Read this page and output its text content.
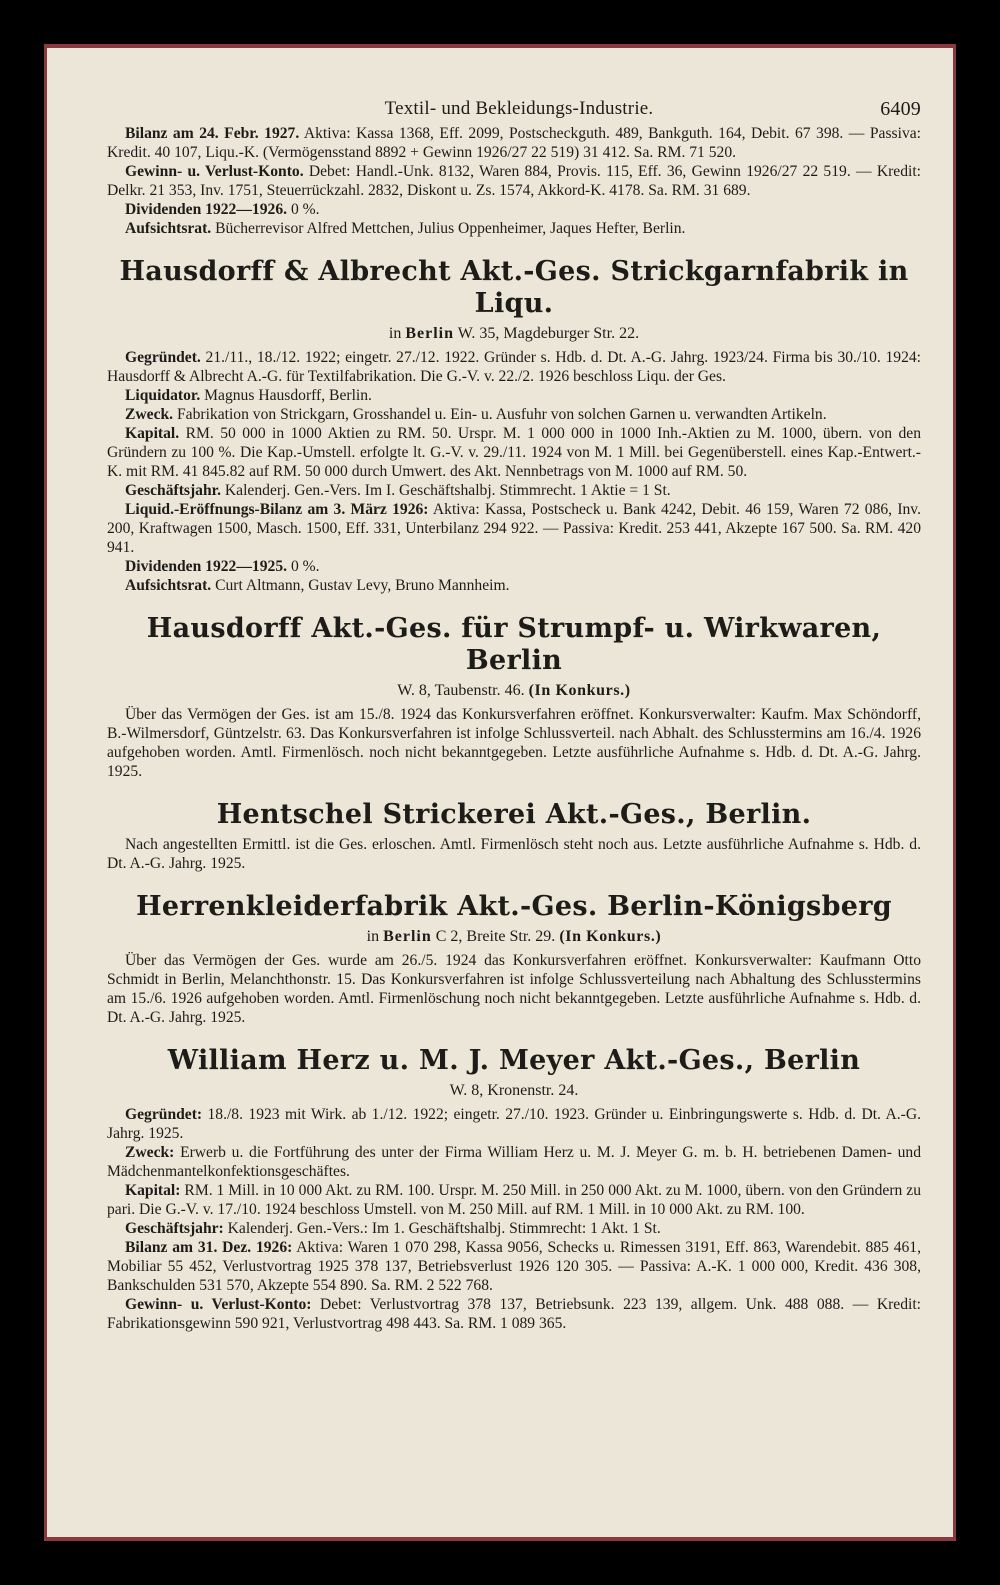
Textil- und Bekleidungs-Industrie.	6409

Bilanz am 24. Febr. 1927. Aktiva: Kassa 1368, Eff. 2099, Postscheckguth. 489, Bankguth. 164, Debit. 67 398. — Passiva: Kredit. 40 107, Liqu.-K. (Vermögensstand 8892 + Gewinn 1926/27 22 519) 31 412. Sa. RM. 71 520.

Gewinn- u. Verlust-Konto. Debet: Handl.-Unk. 8132, Waren 884, Provis. 115, Eff. 36, Gewinn 1926/27 22 519. — Kredit: Delkr. 21 353, Inv. 1751, Steuerrückzahl. 2832, Diskont u. Zs. 1574, Akkord-K. 4178. Sa. RM. 31 689.

Dividenden 1922—1926. 0 %.

Aufsichtsrat. Bücherrevisor Alfred Mettchen, Julius Oppenheimer, Jaques Hefter, Berlin.

Hausdorff & Albrecht Akt.-Ges. Strickgarnfabrik in Liqu.
in Berlin W. 35, Magdeburger Str. 22.

Gegründet. 21./11., 18./12. 1922; eingetr. 27./12. 1922. Gründer s. Hdb. d. Dt. A.-G. Jahrg. 1923/24. Firma bis 30./10. 1924: Hausdorff & Albrecht A.-G. für Textilfabrikation. Die G.-V. v. 22./2. 1926 beschloss Liqu. der Ges.

Liquidator. Magnus Hausdorff, Berlin.

Zweck. Fabrikation von Strickgarn, Grosshandel u. Ein- u. Ausfuhr von solchen Garnen u. verwandten Artikeln.

Kapital. RM. 50 000 in 1000 Aktien zu RM. 50. Urspr. M. 1 000 000 in 1000 Inh.-Aktien zu M. 1000, übern. von den Gründern zu 100 %. Die Kap.-Umstell. erfolgte lt. G.-V. v. 29./11. 1924 von M. 1 Mill. bei Gegenüberstell. eines Kap.-Entwert.-K. mit RM. 41 845.82 auf RM. 50 000 durch Umwert. des Akt. Nennbetrags von M. 1000 auf RM. 50.

Geschäftsjahr. Kalenderj. Gen.-Vers. Im I. Geschäftshalbj. Stimmrecht. 1 Aktie = 1 St.

Liquid.-Eröffnungs-Bilanz am 3. März 1926: Aktiva: Kassa, Postscheck u. Bank 4242, Debit. 46 159, Waren 72 086, Inv. 200, Kraftwagen 1500, Masch. 1500, Eff. 331, Unterbilanz 294 922. — Passiva: Kredit. 253 441, Akzepte 167 500. Sa. RM. 420 941.

Dividenden 1922—1925. 0 %.

Aufsichtsrat. Curt Altmann, Gustav Levy, Bruno Mannheim.

Hausdorff Akt.-Ges. für Strumpf- u. Wirkwaren, Berlin
W. 8, Taubenstr. 46. (In Konkurs.)

Über das Vermögen der Ges. ist am 15./8. 1924 das Konkursverfahren eröffnet. Konkursverwalter: Kaufm. Max Schöndorff, B.-Wilmersdorf, Güntzelstr. 63. Das Konkursverfahren ist infolge Schlussverteil. nach Abhalt. des Schlusstermins am 16./4. 1926 aufgehoben worden. Amtl. Firmenlösch. noch nicht bekanntgegeben. Letzte ausführliche Aufnahme s. Hdb. d. Dt. A.-G. Jahrg. 1925.

Hentschel Strickerei Akt.-Ges., Berlin.

Nach angestellten Ermittl. ist die Ges. erloschen. Amtl. Firmenlösch steht noch aus. Letzte ausführliche Aufnahme s. Hdb. d. Dt. A.-G. Jahrg. 1925.

Herrenkleiderfabrik Akt.-Ges. Berlin-Königsberg
in Berlin C 2, Breite Str. 29. (In Konkurs.)

Über das Vermögen der Ges. wurde am 26./5. 1924 das Konkursverfahren eröffnet. Konkursverwalter: Kaufmann Otto Schmidt in Berlin, Melanchthonstr. 15. Das Konkursverfahren ist infolge Schlussverteilung nach Abhaltung des Schlusstermins am 15./6. 1926 aufgehoben worden. Amtl. Firmenlöschung noch nicht bekanntgegeben. Letzte ausführliche Aufnahme s. Hdb. d. Dt. A.-G. Jahrg. 1925.

William Herz u. M. J. Meyer Akt.-Ges., Berlin
W. 8, Kronenstr. 24.

Gegründet: 18./8. 1923 mit Wirk. ab 1./12. 1922; eingetr. 27./10. 1923. Gründer u. Einbringungswerte s. Hdb. d. Dt. A.-G. Jahrg. 1925.

Zweck: Erwerb u. die Fortführung des unter der Firma William Herz u. M. J. Meyer G. m. b. H. betriebenen Damen- und Mädchenmantelkonfektionsgeschäftes.

Kapital: RM. 1 Mill. in 10 000 Akt. zu RM. 100. Urspr. M. 250 Mill. in 250 000 Akt. zu M. 1000, übern. von den Gründern zu pari. Die G.-V. v. 17./10. 1924 beschloss Umstell. von M. 250 Mill. auf RM. 1 Mill. in 10 000 Akt. zu RM. 100.

Geschäftsjahr: Kalenderj. Gen.-Vers.: Im 1. Geschäftshalbj. Stimmrecht: 1 Akt. 1 St.

Bilanz am 31. Dez. 1926: Aktiva: Waren 1 070 298, Kassa 9056, Schecks u. Rimessen 3191, Eff. 863, Warendebit. 885 461, Mobiliar 55 452, Verlustvortrag 1925 378 137, Betriebsverlust 1926 120 305. — Passiva: A.-K. 1 000 000, Kredit. 436 308, Bankschulden 531 570, Akzepte 554 890. Sa. RM. 2 522 768.

Gewinn- u. Verlust-Konto: Debet: Verlustvortrag 378 137, Betriebsunk. 223 139, allgem. Unk. 488 088. — Kredit: Fabrikationsgewinn 590 921, Verlustvortrag 498 443. Sa. RM. 1 089 365.
